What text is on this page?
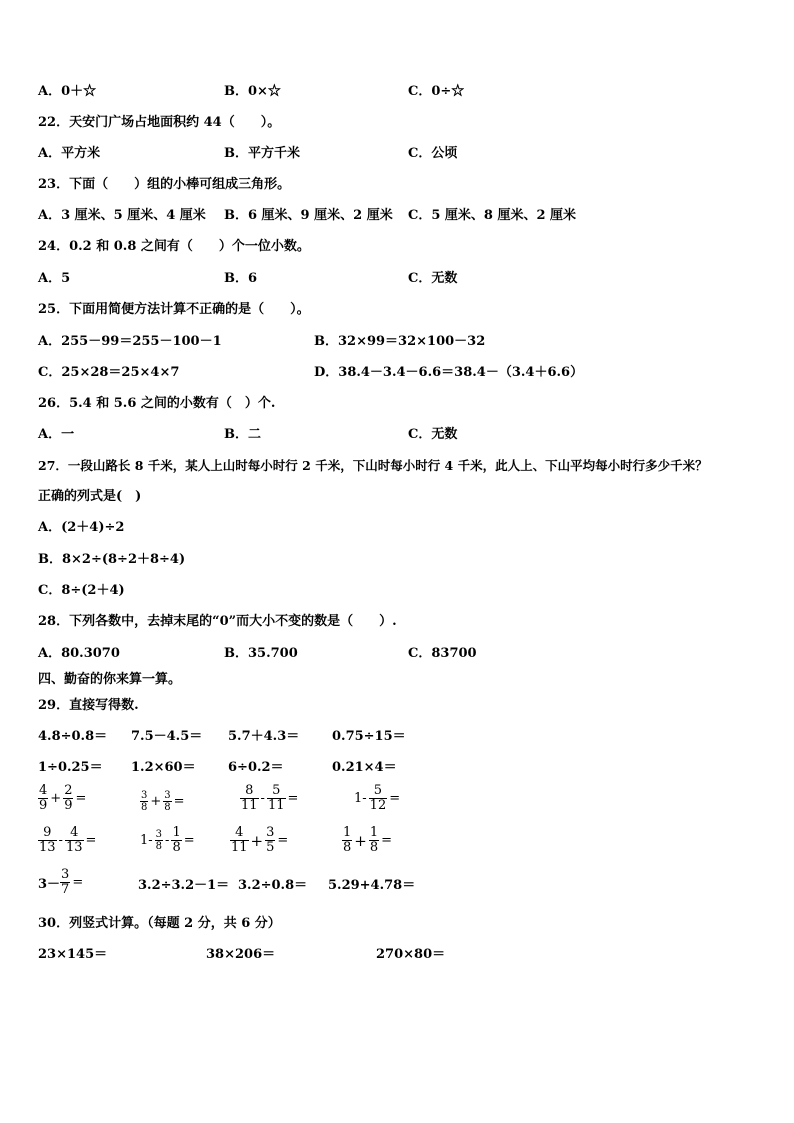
A．0＋☆	B．0×☆	C．0÷☆
22．天安门广场占地面积约 44（　　）。
A．平方米	B．平方千米	C．公顷
23．下面（　　）组的小棒可组成三角形。
A．3 厘米、5 厘米、4 厘米 B．6 厘米、9 厘米、2 厘米 C．5 厘米、8 厘米、2 厘米
24．0.2 和 0.8 之间有（　　）个一位小数。
A．5	B．6	C．无数
25．下面用简便方法计算不正确的是（　　）。
A．255－99＝255－100－1	B．32×99＝32×100－32
C．25×28＝25×4×7	D．38.4－3.4－6.6＝38.4－（3.4＋6.6）
26．5.4 和 5.6 之间的小数有（　）个.
A．一	B．二	C．无数
27．一段山路长 8 千米，某人上山时每小时行 2 千米，下山时每小时行 4 千米，此人上、下山平均每小时行多少千米？
正确的列式是(　)
A．(2＋4)÷2
B．8×2÷(8÷2＋8÷4)
C．8÷(2＋4)
28．下列各数中，去掉末尾的“0”而大小不变的数是（　　）.
A．80.3070	B．35.700	C．83700
四、勤奋的你来算一算。
29．直接写得数.
4.8÷0.8＝ 7.5－4.5＝ 5.7＋4.3＝	0.75÷15＝
1÷0.25＝ 1.2×60＝ 6÷0.2＝	0.21×4＝
$\frac{4}{9} + \frac{2}{9}$ =	$\frac{3}{8} + \frac{3}{8}$ =	$\frac{8}{11} - \frac{5}{11}$ =	$1- \frac{5}{12}$ =
$\frac{9}{13} - \frac{4}{13}$ =	$1- \frac{3}{8} - \frac{1}{8}$ =	$\frac{4}{11} + \frac{3}{5}$ =	$\frac{1}{8} + \frac{1}{8}$ =
$3- \frac{3}{7}$ =	3.2÷3.2－1＝ 3.2÷0.8＝ 5.29+4.78＝
30．列竖式计算。（每题 2 分，共 6 分）
23×145＝	38×206＝	270×80＝
